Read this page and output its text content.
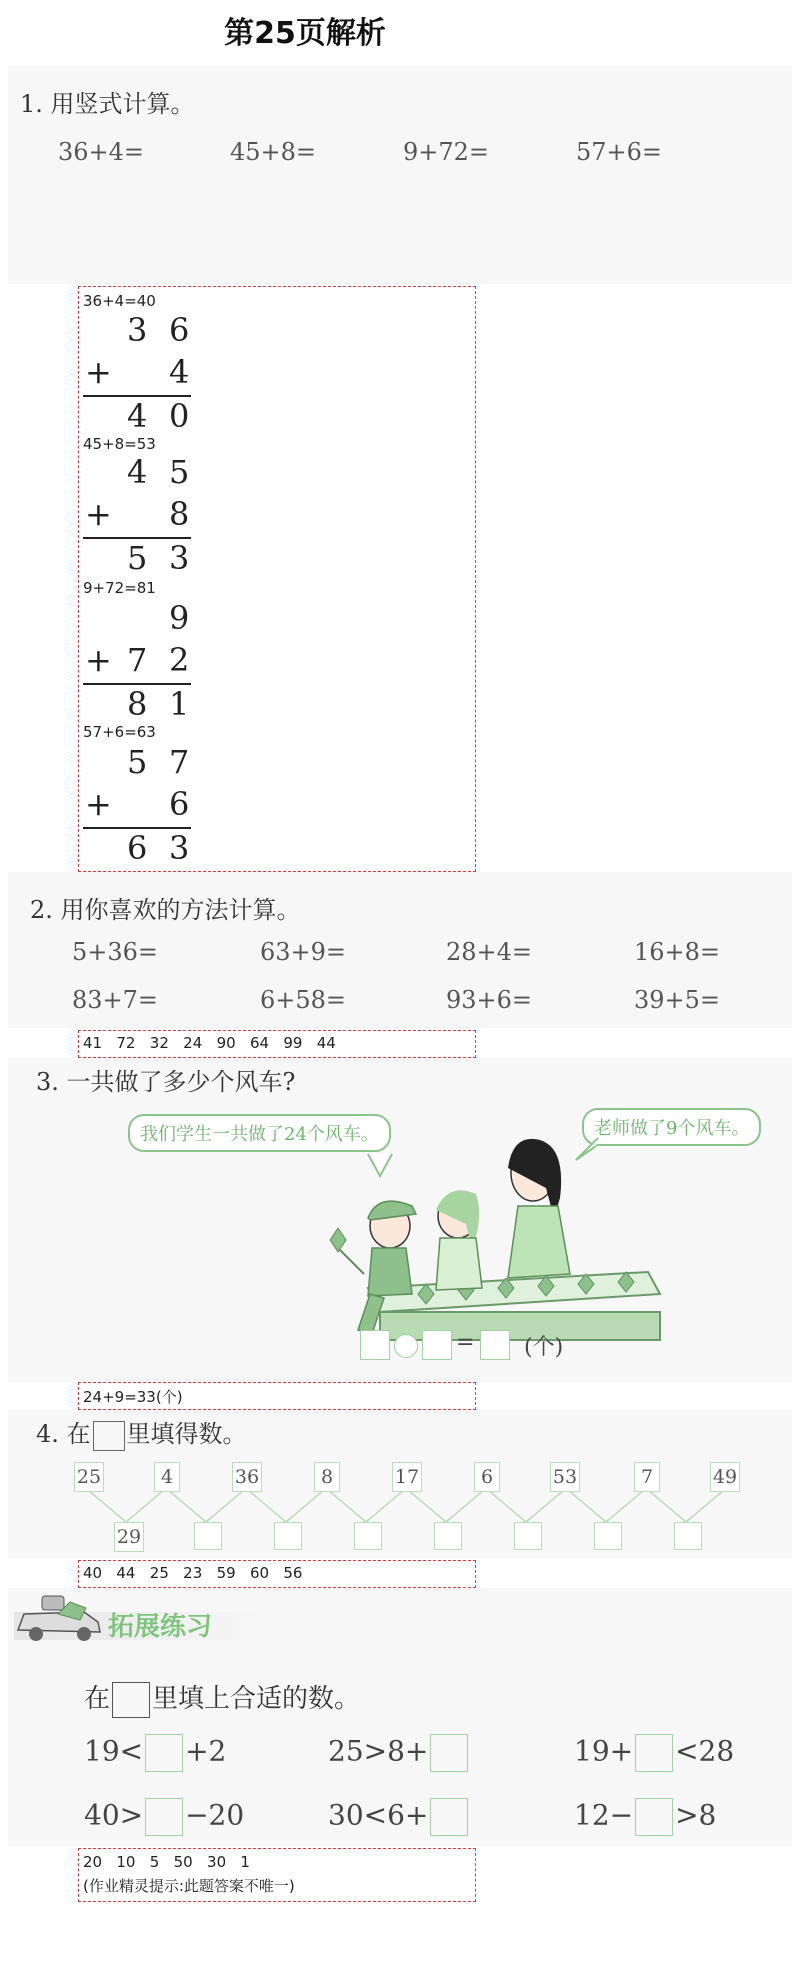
第25页解析
1. 用竖式计算。
36+4=	45+8=	9+72=	57+6=
36+4=40
3 6
+ 4
4 0
45+8=53
4 5
+ 8
5 3
9+72=81
9
+ 7 2
8 1
57+6=63
5 7
+ 6
6 3
2. 用你喜欢的方法计算。
5+36=	63+9=	28+4=	16+8=
83+7=	6+58=	93+6=	39+5=
41   72   32   24   90   64   99   44
3. 一共做了多少个风车?
我们学生一共做了24个风车。	老师做了9个风车。
= (个)
24+9=33(个)
4. 在 里填得数。
25	4	36	8	17	6	53	7	49
29
40   44   25   23   59   60   56
拓展练习
在 里填上合适的数。
19< +2	25>8+	19+ <28
40> −20	30<6+	12− >8
20   10   5   50   30   1
(作业精灵提示:此题答案不唯一)
